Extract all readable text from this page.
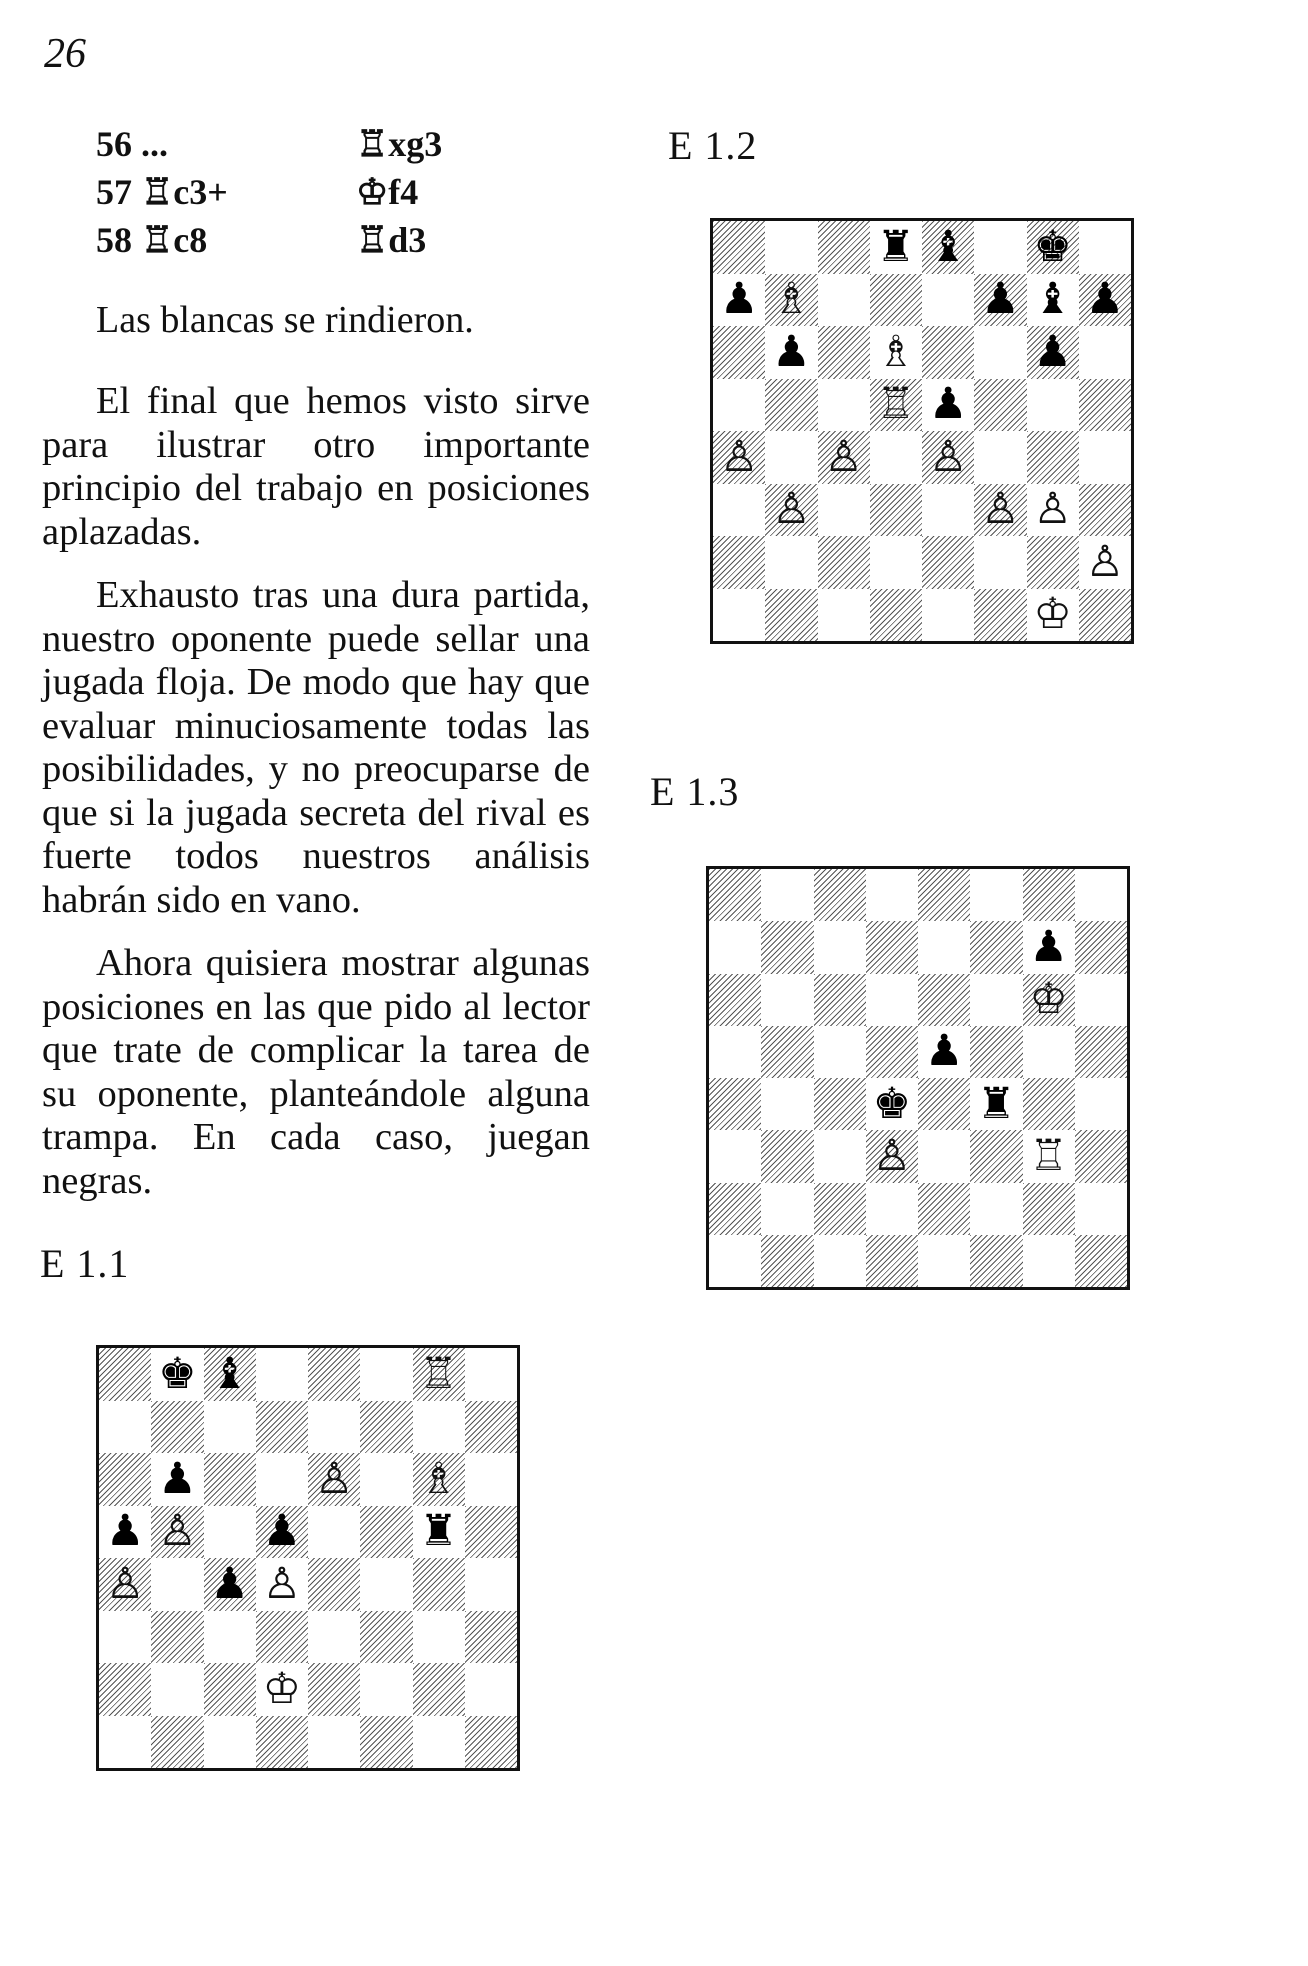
26
56 ...	♖xg3
57 ♖c3+	♔f4
58 ♖c8	♖d3
Las blancas se rindieron.

El final que hemos visto sirve para ilustrar otro importante principio del trabajo en posiciones aplazadas.

Exhausto tras una dura partida, nuestro oponente puede sellar una jugada floja. De modo que hay que evaluar minuciosamente todas las posibilidades, y no preocuparse de que si la jugada secreta del rival es fuerte todos nuestros análisis habrán sido en vano.

Ahora quisiera mostrar algunas posiciones en las que pido al lector que trate de complicar la tarea de su oponente, planteándole alguna trampa. En cada caso, juegan negras.

E 1.1
♚ ♝	♖
♟	♙ ♗
♟ ♙ ♟	♜
♙ ♟ ♙
♔
E 1.2
♜ ♝ ♚
♟ ♗	♟ ♝ ♟
♟ ♗	♟
♖ ♟
♙ ♙ ♙
♙	♙ ♙
♙
♔
E 1.3
♟
♔
♟
♚ ♜
♙	♖
